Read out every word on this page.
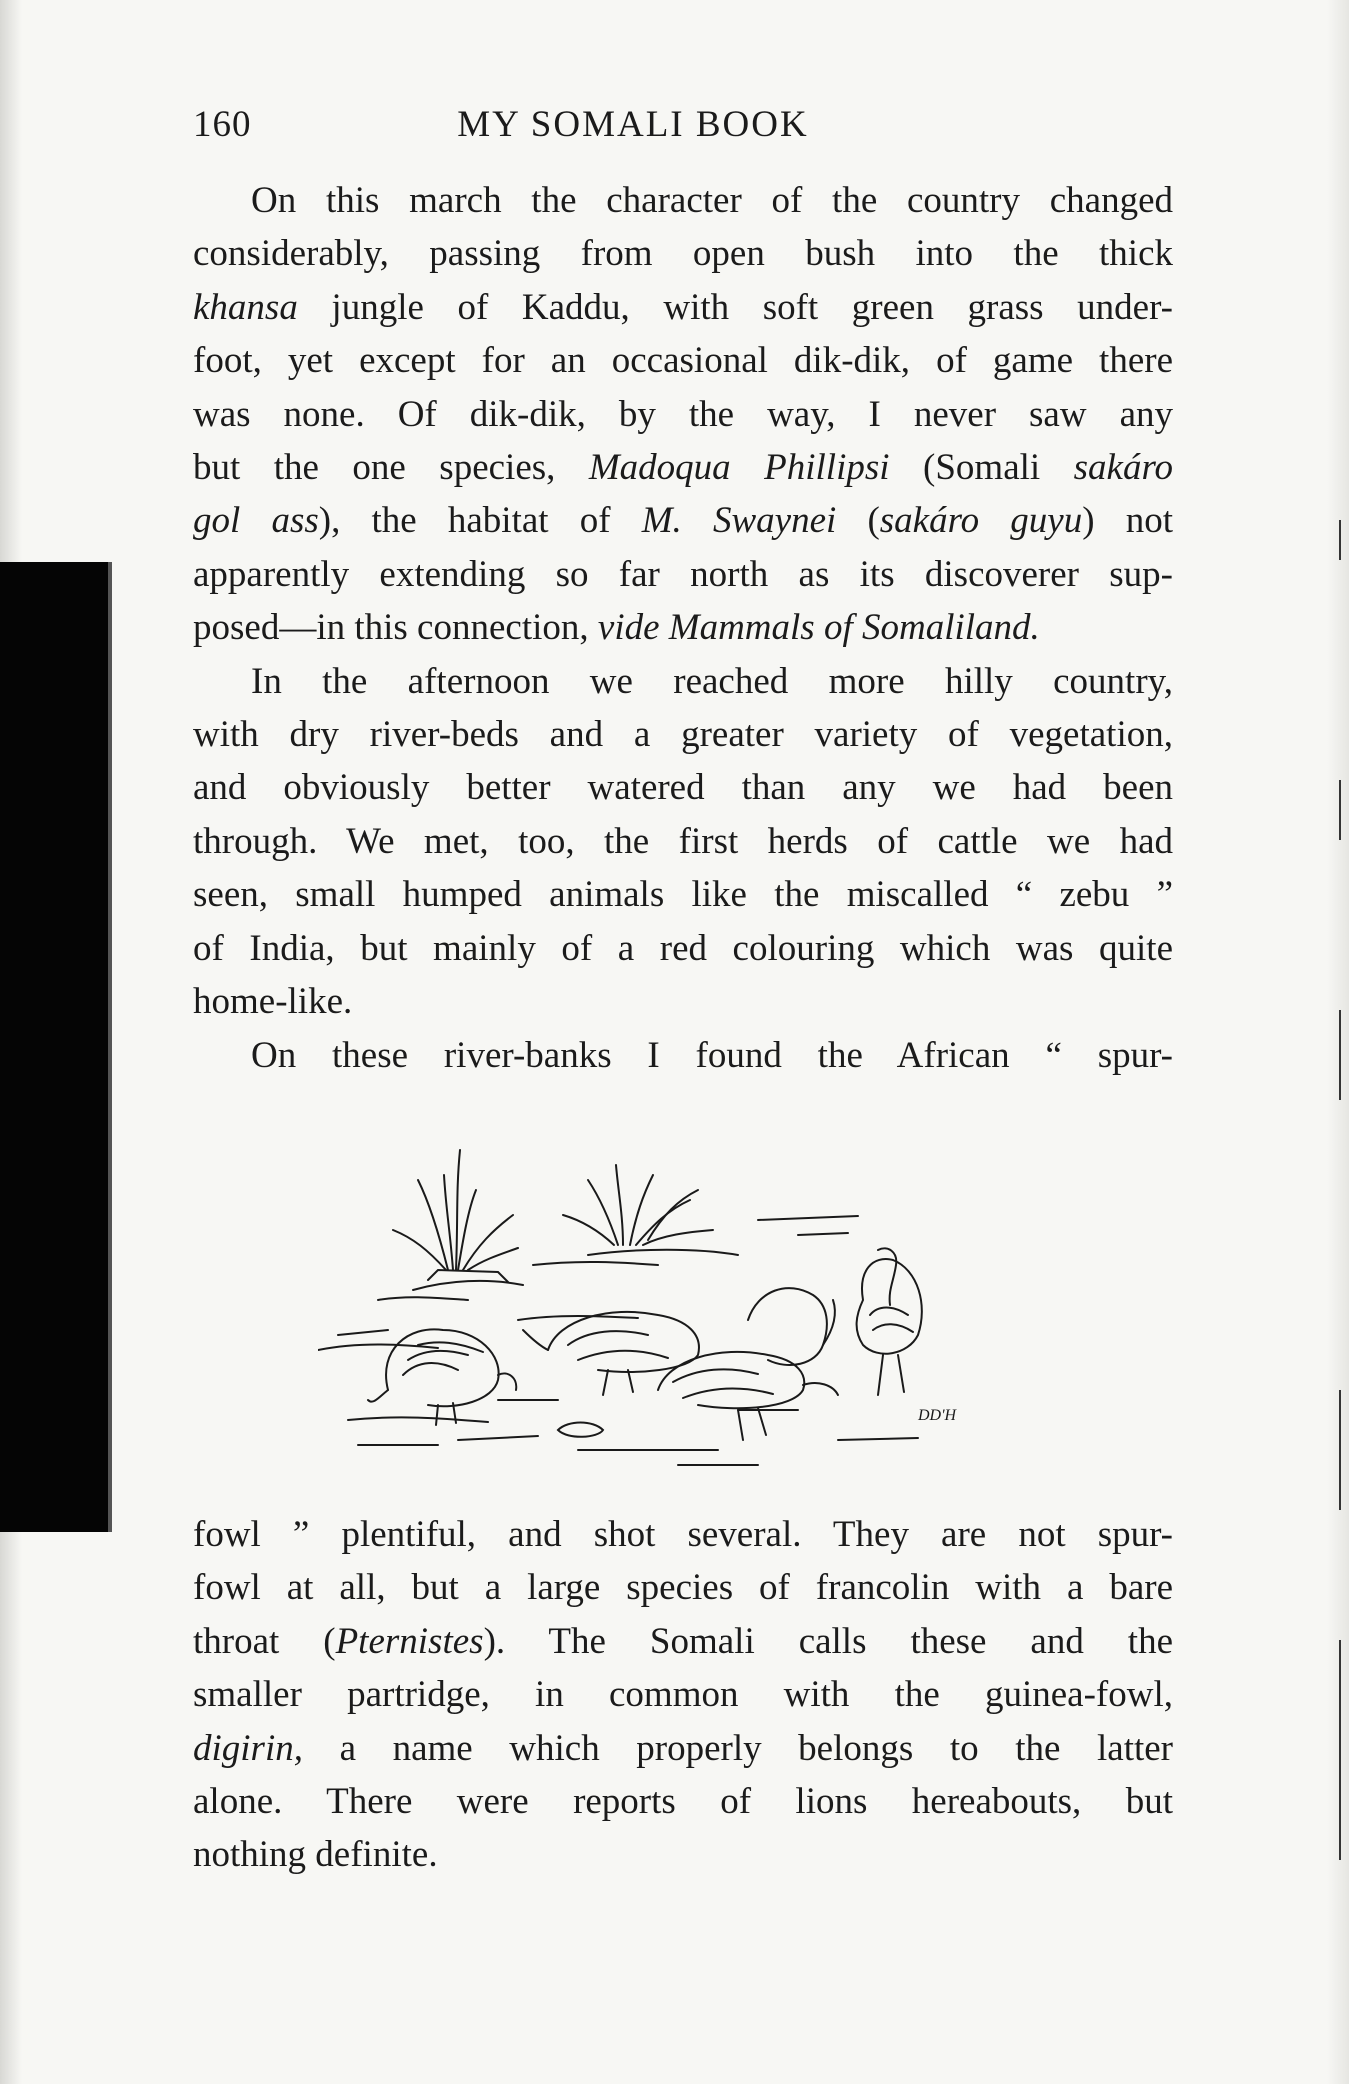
160	MY SOMALI BOOK

On this march the character of the country changed
considerably, passing from open bush into the thick
khansa jungle of Kaddu, with soft green grass under-
foot, yet except for an occasional dik-dik, of game there
was none. Of dik-dik, by the way, I never saw any
but the one species, Madoqua Phillipsi (Somali sakáro
gol ass), the habitat of M. Swaynei (sakáro guyu) not
apparently extending so far north as its discoverer sup-
posed—in this connection, vide Mammals of Somaliland.

In the afternoon we reached more hilly country,
with dry river-beds and a greater variety of vegetation,
and obviously better watered than any we had been
through. We met, too, the first herds of cattle we had
seen, small humped animals like the miscalled “ zebu ”
of India, but mainly of a red colouring which was quite
home-like.

On these river-banks I found the African “ spur-

DD'H

fowl ” plentiful, and shot several. They are not spur-
fowl at all, but a large species of francolin with a bare
throat (Pternistes). The Somali calls these and the
smaller partridge, in common with the guinea-fowl,
digirin, a name which properly belongs to the latter
alone. There were reports of lions hereabouts, but
nothing definite.
